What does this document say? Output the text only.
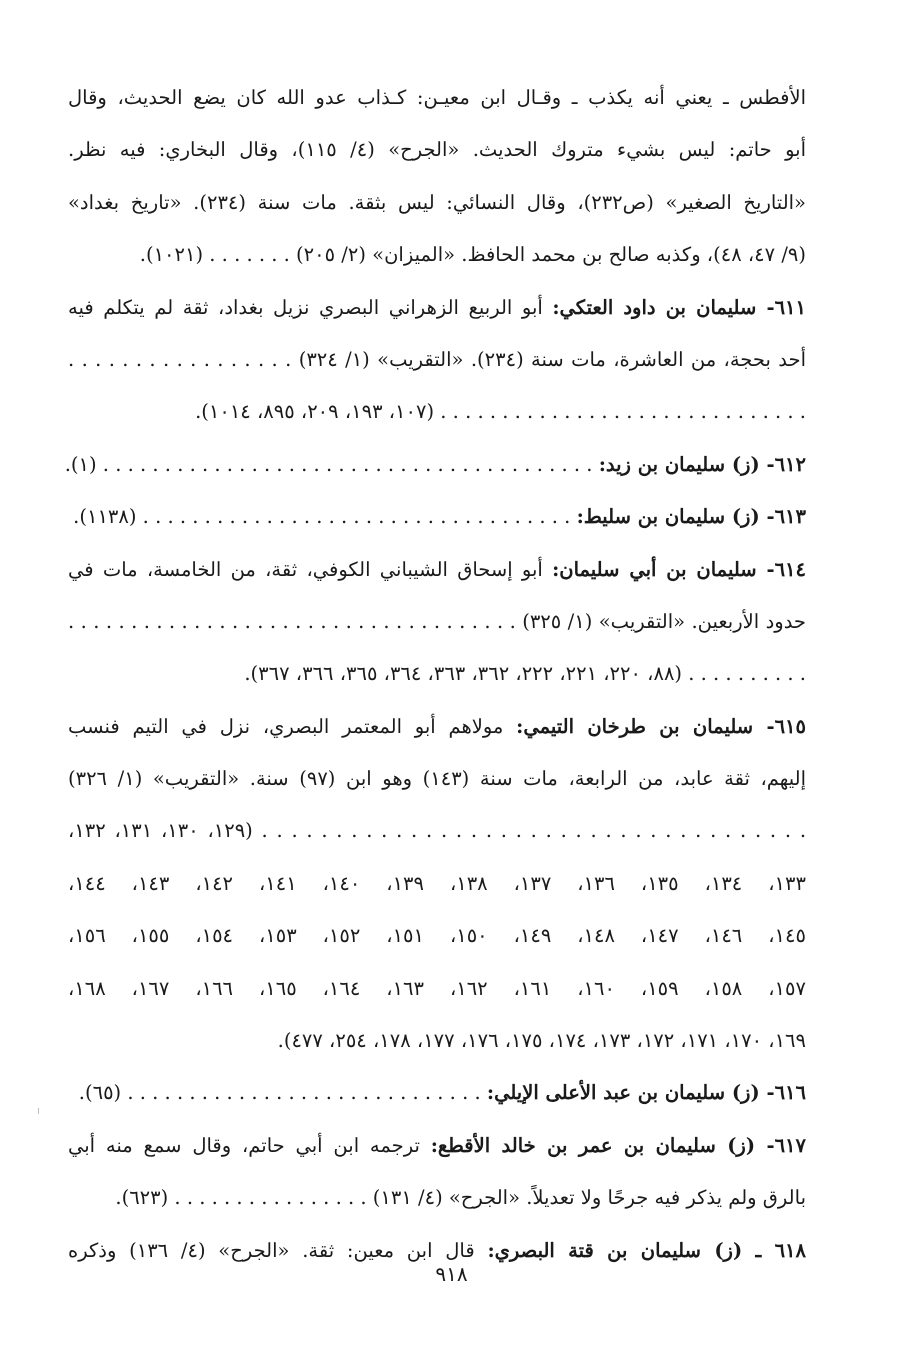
الأفطس ـ يعني أنه يكذب ـ وقـال ابن معيـن: كـذاب عدو الله كان يضع الحديث، وقال
أبو حاتم: ليس بشيء متروك الحديث. «الجرح» (٤/ ١١٥)، وقال البخاري: فيه نظر.
«التاريخ الصغير» (ص٢٣٢)، وقال النسائي: ليس بثقة. مات سنة (٢٣٤). «تاريخ بغداد»
(٩/ ٤٧، ٤٨)، وكذبه صالح بن محمد الحافظ. «الميزان» (٢/ ٢٠٥) . . . . . . . (١٠٢١).
٦١١- سليمان بن داود العتكي: أبو الربيع الزهراني البصري نزيل بغداد، ثقة لم يتكلم فيه
أحد بحجة، من العاشرة، مات سنة (٢٣٤). «التقريب» (١/ ٣٢٤) . . . . . . . . . . . . . . . . .
. . . . . . . . . . . . . . . . . . . . . . . . . . . . . . (١٠٧، ١٩٣، ٢٠٩، ٨٩٥، ١٠١٤).
٦١٢- (ز) سليمان بن زيد: . . . . . . . . . . . . . . . . . . . . . . . . . . . . . . . . . . . . . . . . (١).
٦١٣- (ز) سليمان بن سليط: . . . . . . . . . . . . . . . . . . . . . . . . . . . . . . . . . . . (١١٣٨).
٦١٤- سليمان بن أبي سليمان: أبو إسحاق الشيباني الكوفي، ثقة، من الخامسة، مات في
حدود الأربعين. «التقريب» (١/ ٣٢٥) . . . . . . . . . . . . . . . . . . . . . . . . . . . . . . . . . . . .
. . . . . . . . . . (٨٨، ٢٢٠، ٢٢١، ٢٢٢، ٣٦٢، ٣٦٣، ٣٦٤، ٣٦٥، ٣٦٦، ٣٦٧).
٦١٥- سليمان بن طرخان التيمي: مولاهم أبو المعتمر البصري، نزل في التيم فنسب
إليهم، ثقة عابد، من الرابعة، مات سنة (١٤٣) وهو ابن (٩٧) سنة. «التقريب» (١/ ٣٢٦)
. . . . . . . . . . . . . . . . . . . . . . . . . . . . . . . . . . . . . (١٢٩، ١٣٠، ١٣١، ١٣٢،
١٣٣، ١٣٤، ١٣٥، ١٣٦، ١٣٧، ١٣٨، ١٣٩، ١٤٠، ١٤١، ١٤٢، ١٤٣، ١٤٤،
١٤٥، ١٤٦، ١٤٧، ١٤٨، ١٤٩، ١٥٠، ١٥١، ١٥٢، ١٥٣، ١٥٤، ١٥٥، ١٥٦،
١٥٧، ١٥٨، ١٥٩، ١٦٠، ١٦١، ١٦٢، ١٦٣، ١٦٤، ١٦٥، ١٦٦، ١٦٧، ١٦٨،
١٦٩، ١٧٠، ١٧١، ١٧٢، ١٧٣، ١٧٤، ١٧٥، ١٧٦، ١٧٧، ١٧٨، ٢٥٤، ٤٧٧).
٦١٦- (ز) سليمان بن عبد الأعلى الإيلي: . . . . . . . . . . . . . . . . . . . . . . . . . . . . . (٦٥).
٦١٧- (ز) سليمان بن عمر بن خالد الأقطع: ترجمه ابن أبي حاتم، وقال سمع منه أبي
بالرق ولم يذكر فيه جرحًا ولا تعديلاً. «الجرح» (٤/ ١٣١) . . . . . . . . . . . . . . . . (٦٢٣).
٦١٨ ـ (ز) سليمان بن قتة البصري: قال ابن معين: ثقة. «الجرح» (٤/ ١٣٦) وذكره
٩١٨
